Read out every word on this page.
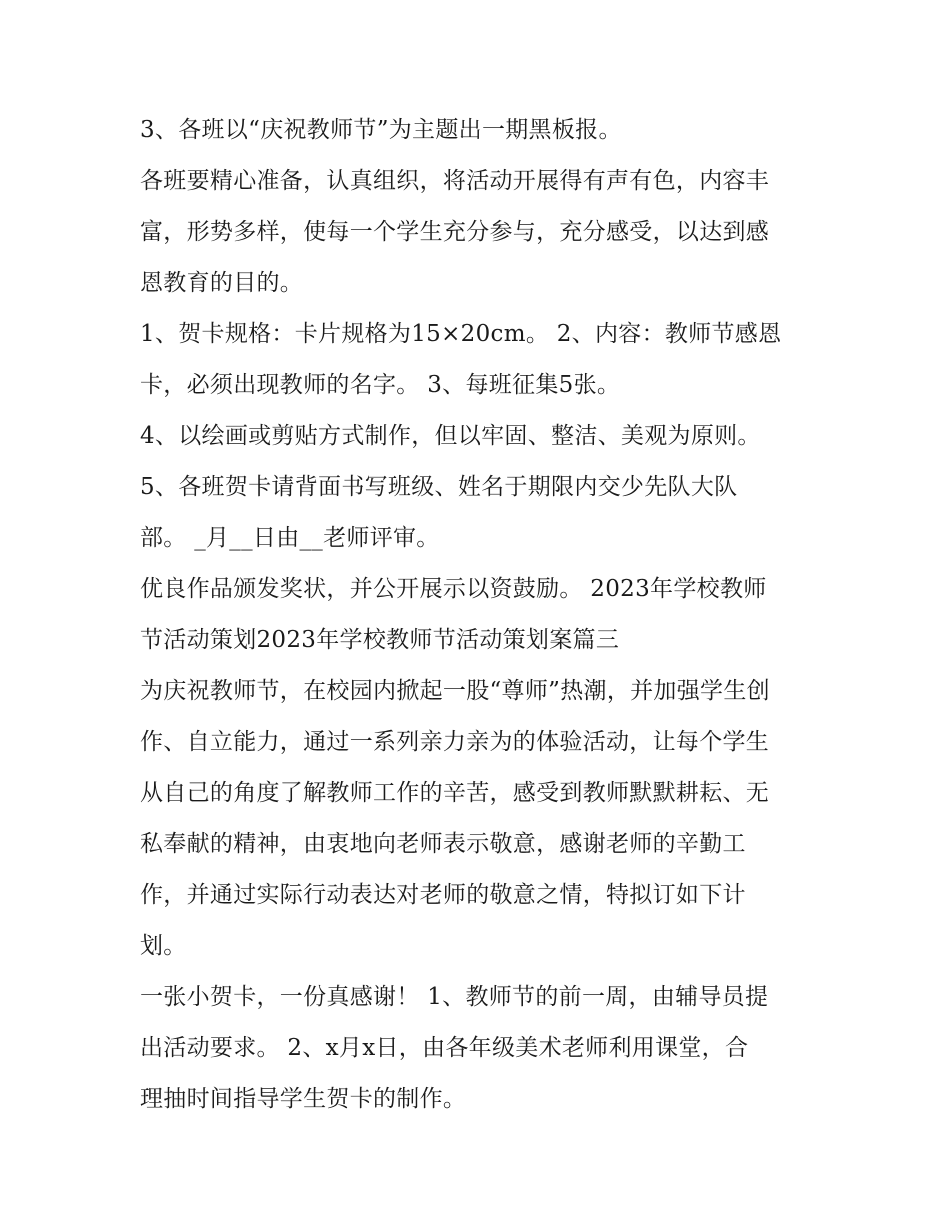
3、各班以“庆祝教师节”为主题出一期黑板报。
各班要精心准备，认真组织，将活动开展得有声有色，内容丰
富，形势多样，使每一个学生充分参与，充分感受，以达到感
恩教育的目的。
1、贺卡规格：卡片规格为15×20cm。 2、内容：教师节感恩
卡，必须出现教师的名字。 3、每班征集5张。
4、以绘画或剪贴方式制作，但以牢固、整洁、美观为原则。
5、各班贺卡请背面书写班级、姓名于期限内交少先队大队
部。 _月__日由__老师评审。
优良作品颁发奖状，并公开展示以资鼓励。 2023年学校教师
节活动策划2023年学校教师节活动策划案篇三
为庆祝教师节，在校园内掀起一股“尊师”热潮，并加强学生创
作、自立能力，通过一系列亲力亲为的体验活动，让每个学生
从自己的角度了解教师工作的辛苦，感受到教师默默耕耘、无
私奉献的精神，由衷地向老师表示敬意，感谢老师的辛勤工
作，并通过实际行动表达对老师的敬意之情，特拟订如下计
划。
一张小贺卡，一份真感谢！ 1、教师节的前一周，由辅导员提
出活动要求。 2、x月x日，由各年级美术老师利用课堂，合
理抽时间指导学生贺卡的制作。
